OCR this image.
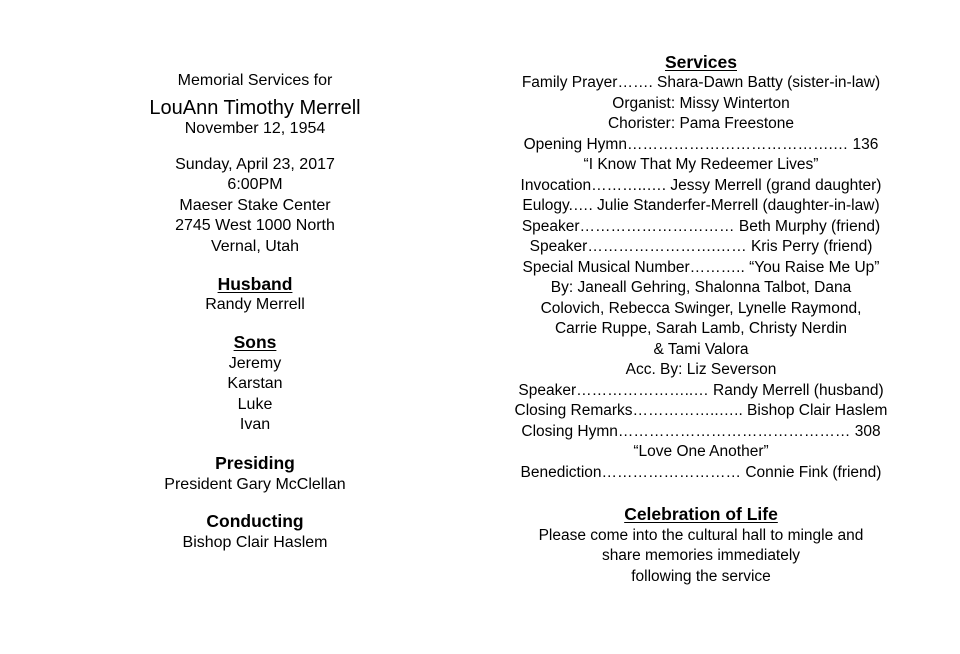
Memorial Services for
LouAnn Timothy Merrell
November 12, 1954
Sunday, April 23, 2017
6:00PM
Maeser Stake Center
2745 West 1000 North
Vernal, Utah
Husband
Randy Merrell
Sons
Jeremy
Karstan
Luke
Ivan
Presiding
President Gary McClellan
Conducting
Bishop Clair Haslem
Services
Family Prayer……. Shara-Dawn Batty (sister-in-law)
Organist: Missy Winterton
Chorister: Pama Freestone
Opening Hymn………………………………….… 136
“I Know That My Redeemer Lives”
Invocation………..…. Jessy Merrell (grand daughter)
Eulogy.…. Julie Standerfer-Merrell (daughter-in-law)
Speaker………………………… Beth Murphy (friend)
Speaker…………………….…… Kris Perry (friend)
Special Musical Number……….. “You Raise Me Up”
By: Janeall Gehring, Shalonna Talbot, Dana
Colovich, Rebecca Swinger, Lynelle Raymond,
Carrie Ruppe, Sarah Lamb, Christy Nerdin
& Tami Valora
Acc. By: Liz Severson
Speaker…………………..… Randy Merrell (husband)
Closing Remarks……………..….. Bishop Clair Haslem
Closing Hymn……………………………………… 308
“Love One Another”
Benediction……………………… Connie Fink (friend)
Celebration of Life
Please come into the cultural hall to mingle and
share memories immediately
following the service
